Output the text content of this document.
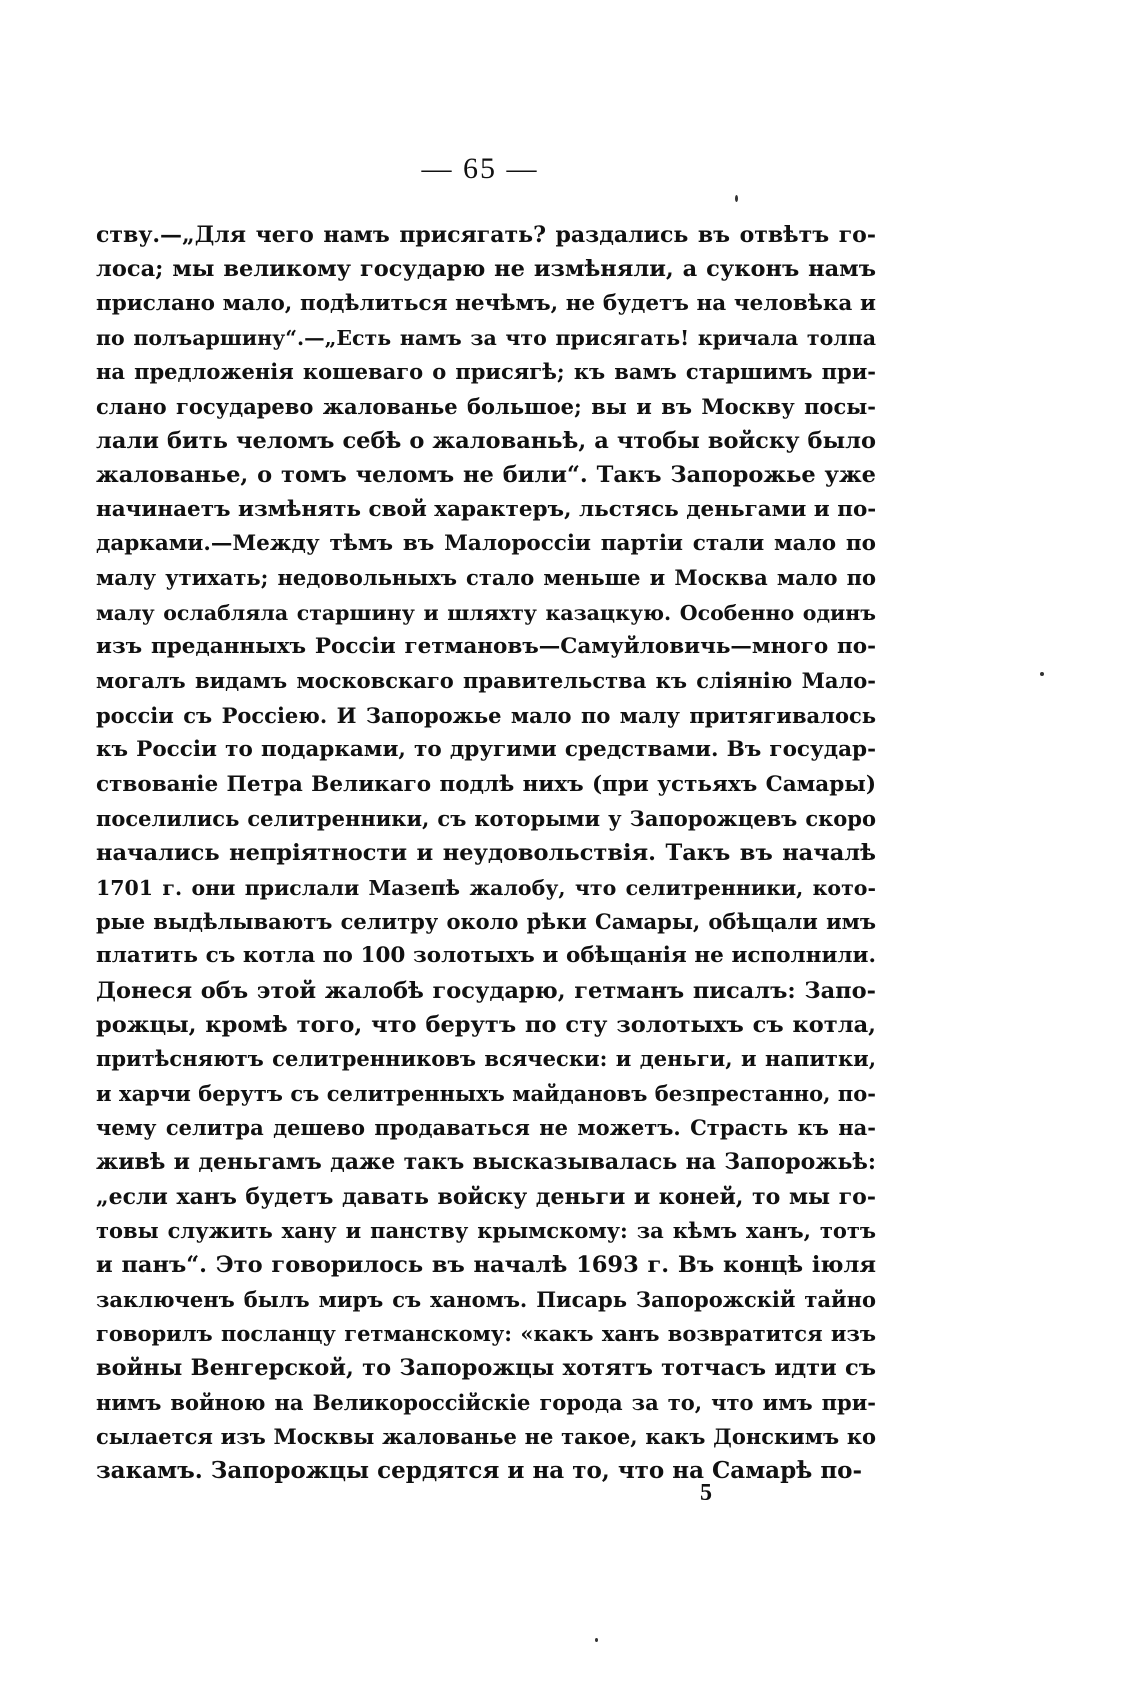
— 65 —
ству.—„Для чего намъ присягать? раздались въ отвѣтъ го-
лоса; мы великому государю не измѣняли, а суконъ намъ
прислано мало, подѣлиться нечѣмъ, не будетъ на человѣка и
по полъаршину“.—„Есть намъ за что присягать! кричала толпа
на предложенія кошеваго о присягѣ; къ вамъ старшимъ при-
слано государево жалованье большое; вы и въ Москву посы-
лали бить челомъ себѣ о жалованьѣ, а чтобы войску было
жалованье, о томъ челомъ не били“. Такъ Запорожье уже
начинаетъ измѣнять свой характеръ, льстясь деньгами и по-
дарками.—Между тѣмъ въ Малороссіи партіи стали мало по
малу утихать; недовольныхъ стало меньше и Москва мало по
малу ослабляла старшину и шляхту казацкую. Особенно одинъ
изъ преданныхъ Россіи гетмановъ—Самуйловичь—много по-
могалъ видамъ московскаго правительства къ сліянію Мало-
россіи съ Россіею. И Запорожье мало по малу притягивалось
къ Россіи то подарками, то другими средствами. Въ государ-
ствованіе Петра Великаго подлѣ нихъ (при устьяхъ Самары)
поселились селитренники, съ которыми у Запорожцевъ скоро
начались непріятности и неудовольствія. Такъ въ началѣ
1701 г. они прислали Мазепѣ жалобу, что селитренники, кото-
рые выдѣлываютъ селитру около рѣки Самары, обѣщали имъ
платить съ котла по 100 золотыхъ и обѣщанія не исполнили.
Донеся объ этой жалобѣ государю, гетманъ писалъ: Запо-
рожцы, кромѣ того, что берутъ по сту золотыхъ съ котла,
притѣсняютъ селитренниковъ всячески: и деньги, и напитки,
и харчи берутъ съ селитренныхъ майдановъ безпрестанно, по-
чему селитра дешево продаваться не можетъ. Страсть къ на-
живѣ и деньгамъ даже такъ высказывалась на Запорожьѣ:
„если ханъ будетъ давать войску деньги и коней, то мы го-
товы служить хану и панству крымскому: за кѣмъ ханъ, тотъ
и панъ“. Это говорилось въ началѣ 1693 г. Въ концѣ іюля
заключенъ былъ миръ съ ханомъ. Писарь Запорожскій тайно
говорилъ посланцу гетманскому: «какъ ханъ возвратится изъ
войны Венгерской, то Запорожцы хотятъ тотчасъ идти съ
нимъ войною на Великороссійскіе города за то, что имъ при-
сылается изъ Москвы жалованье не такое, какъ Донскимъ ко
закамъ. Запорожцы сердятся и на то, что на Самарѣ по-
5
